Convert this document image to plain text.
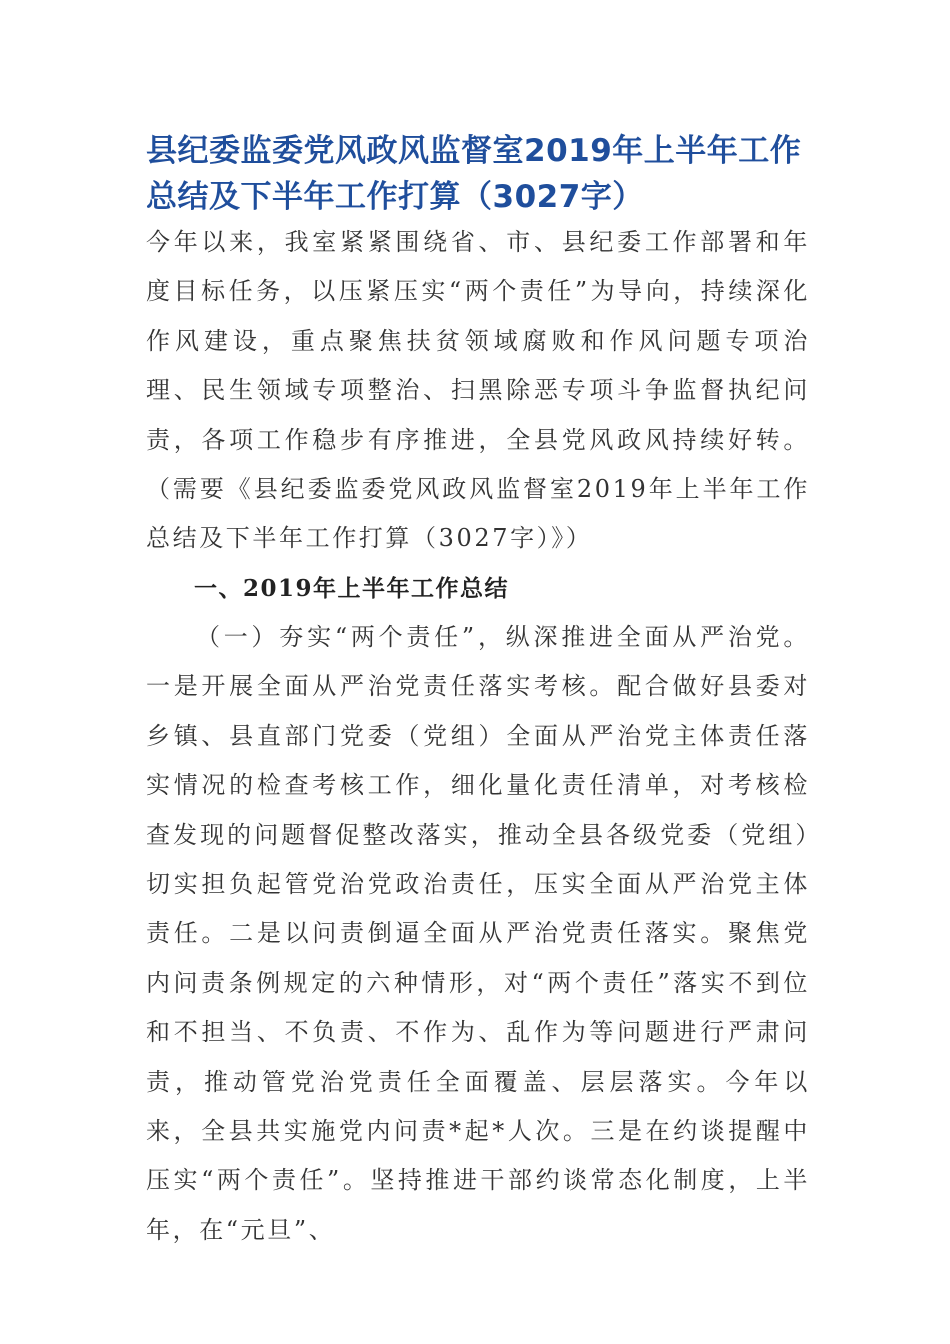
县纪委监委党风政风监督室2019年上半年工作总结及下半年工作打算（3027字）

今年以来，我室紧紧围绕省、市、县纪委工作部署和年度目标任务，以压紧压实“两个责任”为导向，持续深化作风建设，重点聚焦扶贫领域腐败和作风问题专项治理、民生领域专项整治、扫黑除恶专项斗争监督执纪问责，各项工作稳步有序推进，全县党风政风持续好转。（需要《县纪委监委党风政风监督室2019年上半年工作总结及下半年工作打算（3027字）》）

一、2019年上半年工作总结

（一）夯实“两个责任”，纵深推进全面从严治党。一是开展全面从严治党责任落实考核。配合做好县委对乡镇、县直部门党委（党组）全面从严治党主体责任落实情况的检查考核工作，细化量化责任清单，对考核检查发现的问题督促整改落实，推动全县各级党委（党组）切实担负起管党治党政治责任，压实全面从严治党主体责任。二是以问责倒逼全面从严治党责任落实。聚焦党内问责条例规定的六种情形，对“两个责任”落实不到位和不担当、不负责、不作为、乱作为等问题进行严肃问责，推动管党治党责任全面覆盖、层层落实。今年以来，全县共实施党内问责*起*人次。三是在约谈提醒中压实“两个责任”。坚持推进干部约谈常态化制度，上半年，在“元旦”、
